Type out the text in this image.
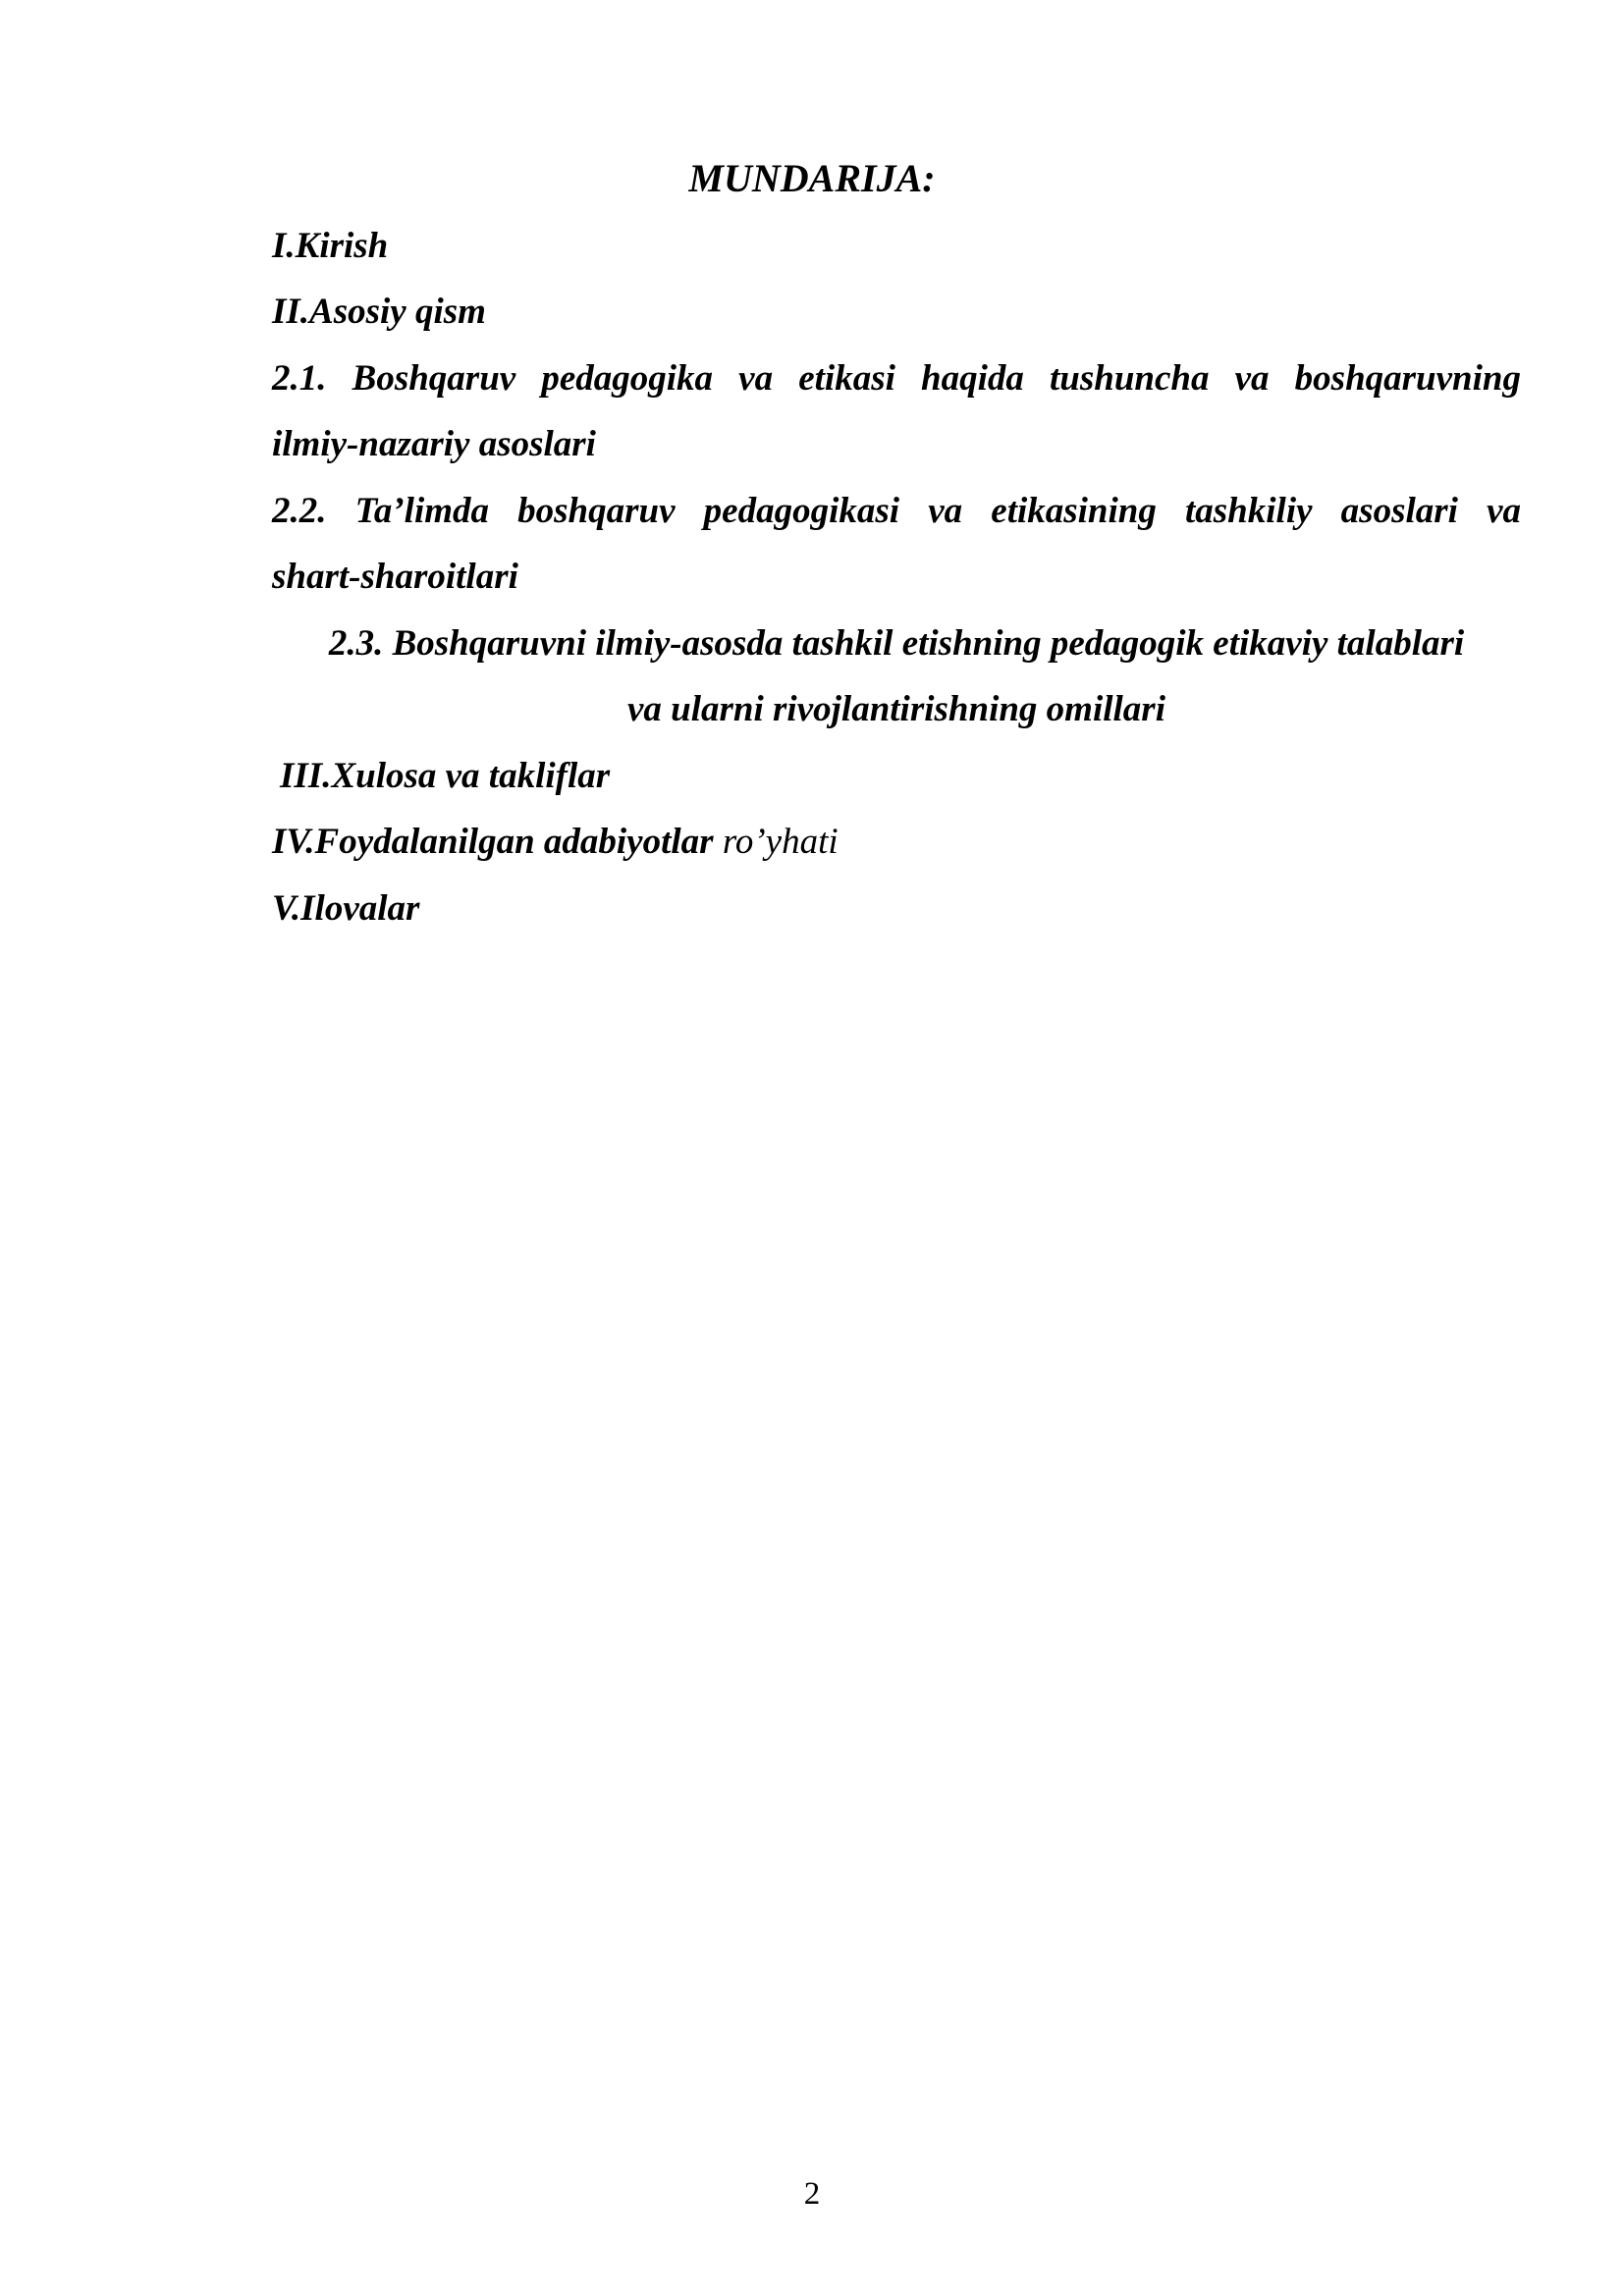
MUNDARIJA:
I.Kirish
II.Asosiy qism
2.1. Boshqaruv pedagogika va etikasi haqida tushuncha va boshqaruvning
ilmiy-nazariy asoslari
2.2. Ta’limda boshqaruv pedagogikasi va etikasining tashkiliy asoslari va
shart-sharoitlari
2.3. Boshqaruvni ilmiy-asosda tashkil etishning pedagogik etikaviy talablari
va ularni rivojlantirishning omillari
III.Xulosa va takliflar
IV.Foydalanilgan adabiyotlar ro’yhati
V.Ilovalar
2
